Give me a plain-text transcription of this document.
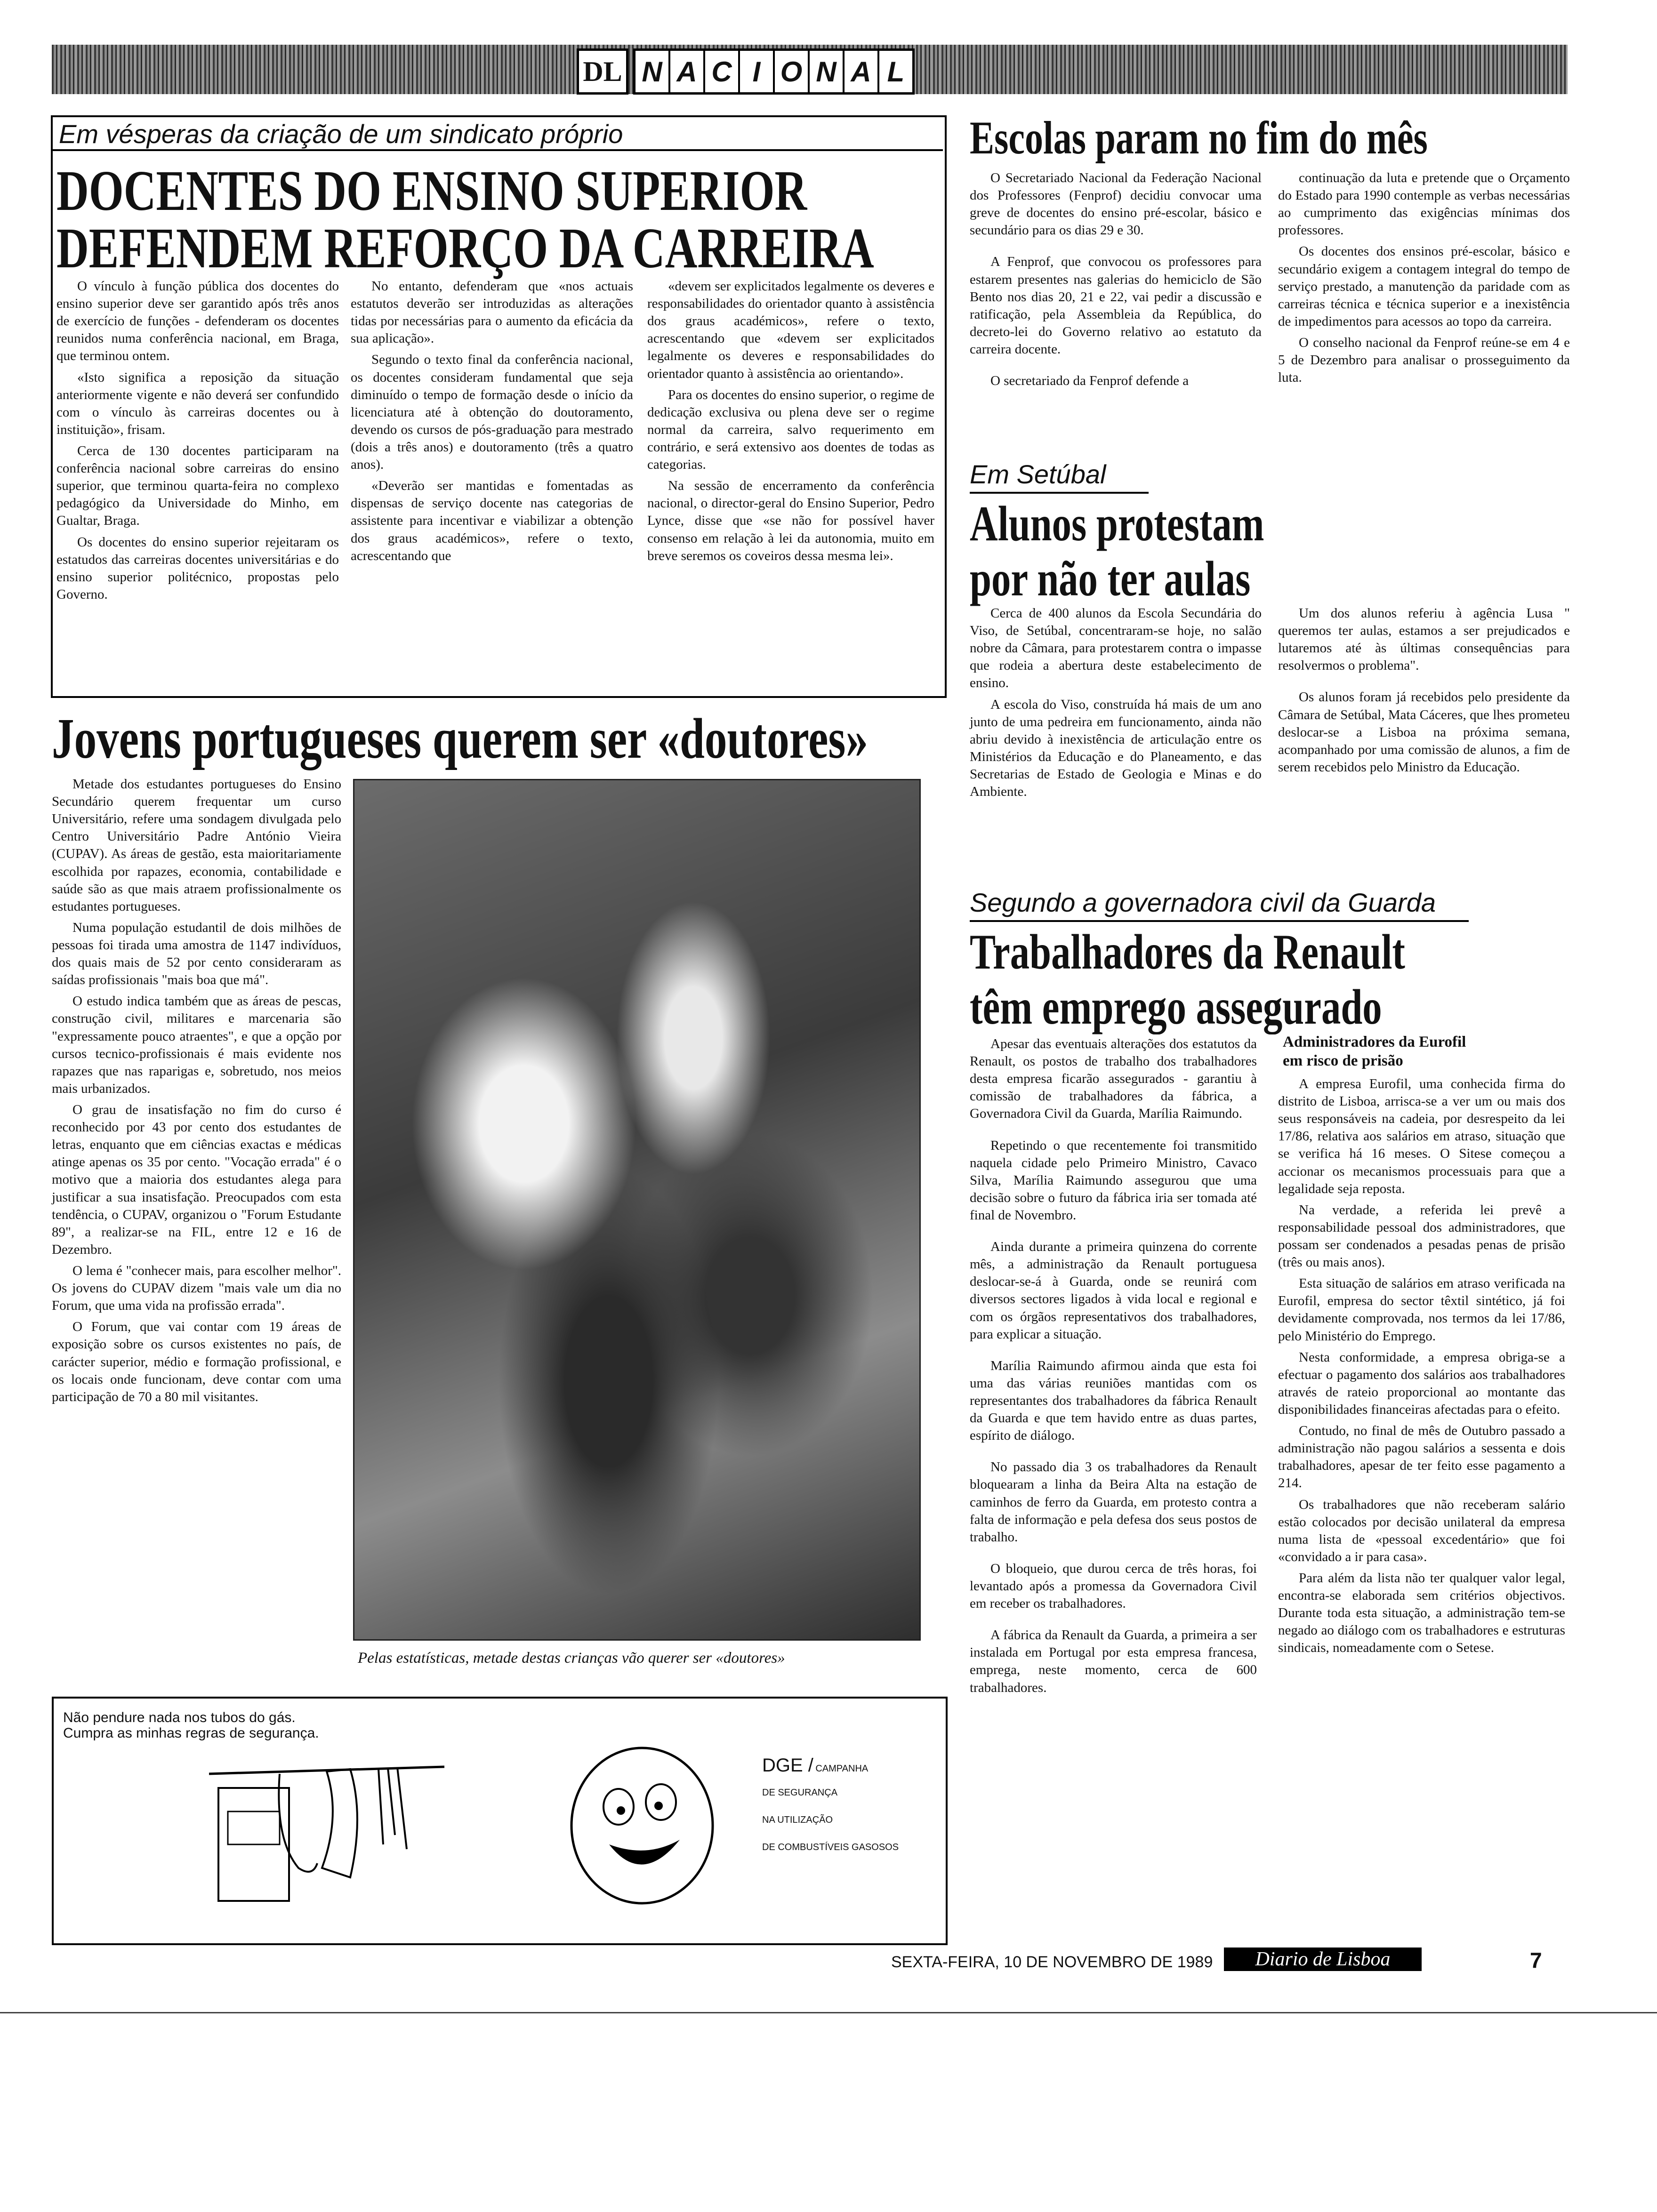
DL N A C I O N A L
Em vésperas da criação de um sindicato próprio
DOCENTES DO ENSINO SUPERIOR
DEFENDEM REFORÇO DA CARREIRA

O vínculo à função pública dos docentes do ensino superior deve ser garantido após três anos de exercício de funções - defenderam os docentes reunidos numa conferência nacional, em Braga, que terminou ontem.

«Isto significa a reposição da situação anteriormente vigente e não deverá ser confundido com o vínculo às carreiras docentes ou à instituição», frisam.

Cerca de 130 docentes participaram na conferência nacional sobre carreiras do ensino superior, que terminou quarta-feira no complexo pedagógico da Universidade do Minho, em Gualtar, Braga.

Os docentes do ensino superior rejeitaram os estatudos das carreiras docentes universitárias e do ensino superior politécnico, propostas pelo Governo.

No entanto, defenderam que «nos actuais estatutos deverão ser introduzidas as alterações tidas por necessárias para o aumento da eficácia da sua aplicação».

Segundo o texto final da conferência nacional, os docentes consideram fundamental que seja diminuído o tempo de formação desde o início da licenciatura até à obtenção do doutoramento, devendo os cursos de pós-graduação para mestrado (dois a três anos) e doutoramento (três a quatro anos).

«Deverão ser mantidas e fomentadas as dispensas de serviço docente nas categorias de assistente para incentivar e viabilizar a obtenção dos graus académicos», refere o texto, acrescentando que

«devem ser explicitados legalmente os deveres e responsabilidades do orientador quanto à assistência dos graus académicos», refere o texto, acrescentando que «devem ser explicitados legalmente os deveres e responsabilidades do orientador quanto à assistência ao orientando».

Para os docentes do ensino superior, o regime de dedicação exclusiva ou plena deve ser o regime normal da carreira, salvo requerimento em contrário, e será extensivo aos doentes de todas as categorias.

Na sessão de encerramento da conferência nacional, o director-geral do Ensino Superior, Pedro Lynce, disse que «se não for possível haver consenso em relação à lei da autonomia, muito em breve seremos os coveiros dessa mesma lei».

Escolas param no fim do mês

O Secretariado Nacional da Federação Nacional dos Professores (Fenprof) decidiu convocar uma greve de docentes do ensino pré-escolar, básico e secundário para os dias 29 e 30.

A Fenprof, que convocou os professores para estarem presentes nas galerias do hemiciclo de São Bento nos dias 20, 21 e 22, vai pedir a discussão e ratificação, pela Assembleia da República, do decreto-lei do Governo relativo ao estatuto da carreira docente.

O secretariado da Fenprof defende a

continuação da luta e pretende que o Orçamento do Estado para 1990 contemple as verbas necessárias ao cumprimento das exigências mínimas dos professores.

Os docentes dos ensinos pré-escolar, básico e secundário exigem a contagem integral do tempo de serviço prestado, a manutenção da paridade com as carreiras técnica e técnica superior e a inexistência de impedimentos para acessos ao topo da carreira.

O conselho nacional da Fenprof reúne-se em 4 e 5 de Dezembro para analisar o prosseguimento da luta.

Em Setúbal
Alunos protestam
por não ter aulas

Cerca de 400 alunos da Escola Secundária do Viso, de Setúbal, concentraram-se hoje, no salão nobre da Câmara, para protestarem contra o impasse que rodeia a abertura deste estabelecimento de ensino.

A escola do Viso, construída há mais de um ano junto de uma pedreira em funcionamento, ainda não abriu devido à inexistência de articulação entre os Ministérios da Educação e do Planeamento, e das Secretarias de Estado de Geologia e Minas e do Ambiente.

Um dos alunos referiu à agência Lusa " queremos ter aulas, estamos a ser prejudicados e lutaremos até às últimas consequências para resolvermos o problema".

Os alunos foram já recebidos pelo presidente da Câmara de Setúbal, Mata Cáceres, que lhes prometeu deslocar-se a Lisboa na próxima semana, acompanhado por uma comissão de alunos, a fim de serem recebidos pelo Ministro da Educação.

Jovens portugueses querem ser «doutores»

Metade dos estudantes portugueses do Ensino Secundário querem frequentar um curso Universitário, refere uma sondagem divulgada pelo Centro Universitário Padre António Vieira (CUPAV). As áreas de gestão, esta maioritariamente escolhida por rapazes, economia, contabilidade e saúde são as que mais atraem profissionalmente os estudantes portugueses.

Numa população estudantil de dois milhões de pessoas foi tirada uma amostra de 1147 indivíduos, dos quais mais de 52 por cento consideraram as saídas profissionais "mais boa que má".

O estudo indica também que as áreas de pescas, construção civil, militares e marcenaria são "expressamente pouco atraentes", e que a opção por cursos tecnico-profissionais é mais evidente nos rapazes que nas raparigas e, sobretudo, nos meios mais urbanizados.

O grau de insatisfação no fim do curso é reconhecido por 43 por cento dos estudantes de letras, enquanto que em ciências exactas e médicas atinge apenas os 35 por cento. "Vocação errada" é o motivo que a maioria dos estudantes alega para justificar a sua insatisfação. Preocupados com esta tendência, o CUPAV, organizou o "Forum Estudante 89", a realizar-se na FIL, entre 12 e 16 de Dezembro.

O lema é "conhecer mais, para escolher melhor". Os jovens do CUPAV dizem "mais vale um dia no Forum, que uma vida na profissão errada".

O Forum, que vai contar com 19 áreas de exposição sobre os cursos existentes no país, de carácter superior, médio e formação profissional, e os locais onde funcionam, deve contar com uma participação de 70 a 80 mil visitantes.

Pelas estatísticas, metade destas crianças vão querer ser «doutores»
Não pendure nada nos tubos do gás.
Cumpra as minhas regras de segurança.
DGE / CAMPANHA
DE SEGURANÇA
NA UTILIZAÇÃO
DE COMBUSTÍVEIS GASOSOS
Segundo a governadora civil da Guarda
Trabalhadores da Renault
têm emprego assegurado

Apesar das eventuais alterações dos estatutos da Renault, os postos de trabalho dos trabalhadores desta empresa ficarão assegurados - garantiu à comissão de trabalhadores da fábrica, a Governadora Civil da Guarda, Marília Raimundo.

Repetindo o que recentemente foi transmitido naquela cidade pelo Primeiro Ministro, Cavaco Silva, Marília Raimundo assegurou que uma decisão sobre o futuro da fábrica iria ser tomada até final de Novembro.

Ainda durante a primeira quinzena do corrente mês, a administração da Renault portuguesa deslocar-se-á à Guarda, onde se reunirá com diversos sectores ligados à vida local e regional e com os órgãos representativos dos trabalhadores, para explicar a situação.

Marília Raimundo afirmou ainda que esta foi uma das várias reuniões mantidas com os representantes dos trabalhadores da fábrica Renault da Guarda e que tem havido entre as duas partes, espírito de diálogo.

No passado dia 3 os trabalhadores da Renault bloquearam a linha da Beira Alta na estação de caminhos de ferro da Guarda, em protesto contra a falta de informação e pela defesa dos seus postos de trabalho.

O bloqueio, que durou cerca de três horas, foi levantado após a promessa da Governadora Civil em receber os trabalhadores.

A fábrica da Renault da Guarda, a primeira a ser instalada em Portugal por esta empresa francesa, emprega, neste momento, cerca de 600 trabalhadores.

Administradores da Eurofil
em risco de prisão

A empresa Eurofil, uma conhecida firma do distrito de Lisboa, arrisca-se a ver um ou mais dos seus responsáveis na cadeia, por desrespeito da lei 17/86, relativa aos salários em atraso, situação que se verifica há 16 meses. O Sitese começou a accionar os mecanismos processuais para que a legalidade seja reposta.

Na verdade, a referida lei prevê a responsabilidade pessoal dos administradores, que possam ser condenados a pesadas penas de prisão (três ou mais anos).

Esta situação de salários em atraso verificada na Eurofil, empresa do sector têxtil sintético, já foi devidamente comprovada, nos termos da lei 17/86, pelo Ministério do Emprego.

Nesta conformidade, a empresa obriga-se a efectuar o pagamento dos salários aos trabalhadores através de rateio proporcional ao montante das disponibilidades financeiras afectadas para o efeito.

Contudo, no final de mês de Outubro passado a administração não pagou salários a sessenta e dois trabalhadores, apesar de ter feito esse pagamento a 214.

Os trabalhadores que não receberam salário estão colocados por decisão unilateral da empresa numa lista de «pessoal excedentário» que foi «convidado a ir para casa».

Para além da lista não ter qualquer valor legal, encontra-se elaborada sem critérios objectivos. Durante toda esta situação, a administração tem-se negado ao diálogo com os trabalhadores e estruturas sindicais, nomeadamente com o Setese.

SEXTA-FEIRA, 10 DE NOVEMBRO DE 1989	Diario de Lisboa	7
